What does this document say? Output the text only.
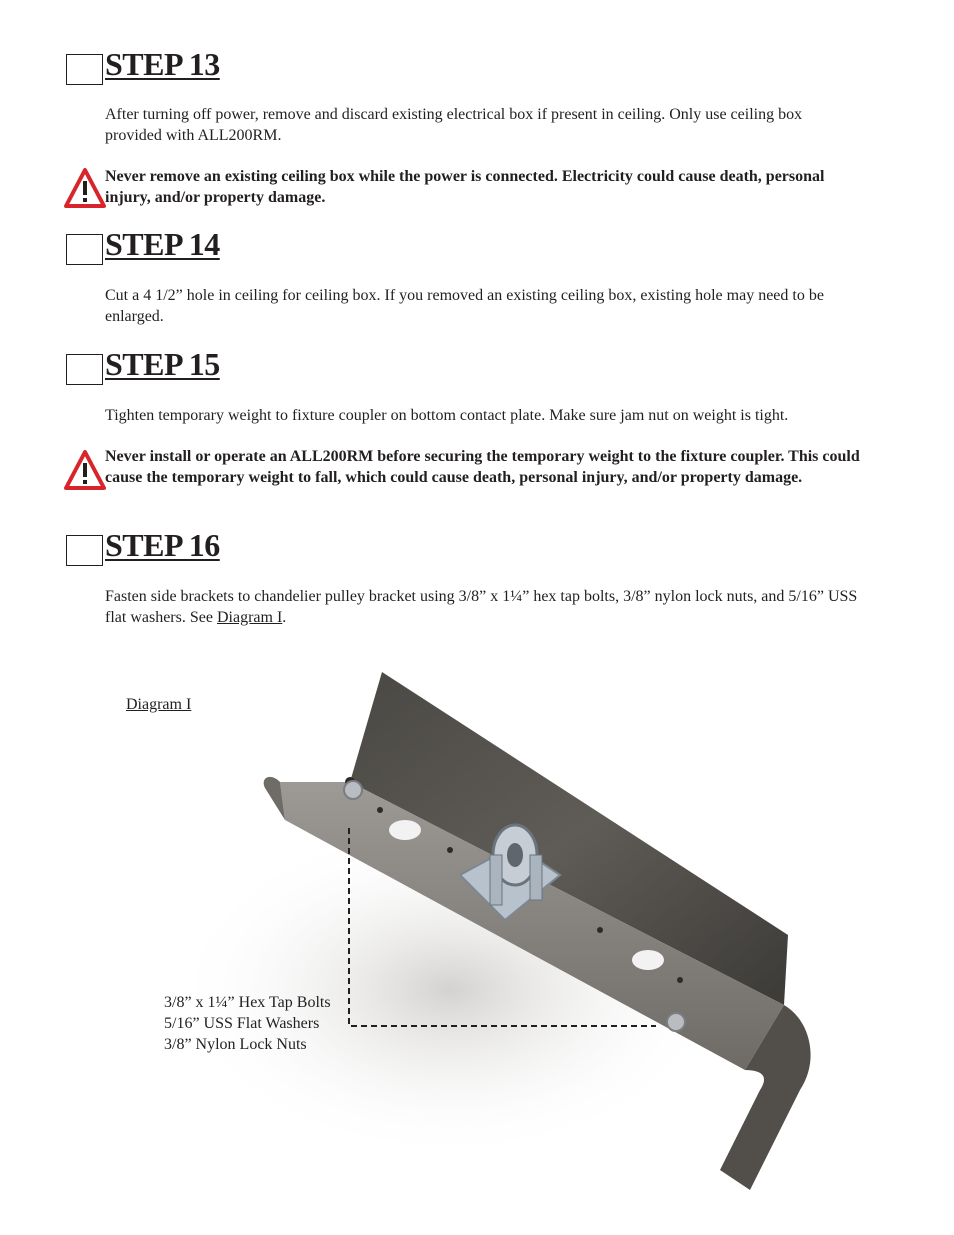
STEP 13

After turning off power, remove and discard existing electrical box if present in ceiling. Only use ceiling box provided with ALL200RM.

Never remove an existing ceiling box while the power is connected. Electricity could cause death, personal injury, and/or property damage.

STEP 14

Cut a 4 1/2” hole in ceiling for ceiling box. If you removed an existing ceiling box, existing hole may need to be enlarged.

STEP 15

Tighten temporary weight to fixture coupler on bottom contact plate. Make sure jam nut on weight is tight.

Never install or operate an ALL200RM before securing the temporary weight to the fixture coupler. This could cause the temporary weight to fall, which could cause death, personal injury, and/or property damage.

STEP 16

Fasten side brackets to chandelier pulley bracket using 3/8” x 1¼” hex tap bolts, 3/8” nylon lock nuts, and 5/16” USS flat washers. See Diagram I.

Diagram I
3/8” x 1¼” Hex Tap Bolts
5/16” USS Flat Washers
3/8” Nylon Lock Nuts
